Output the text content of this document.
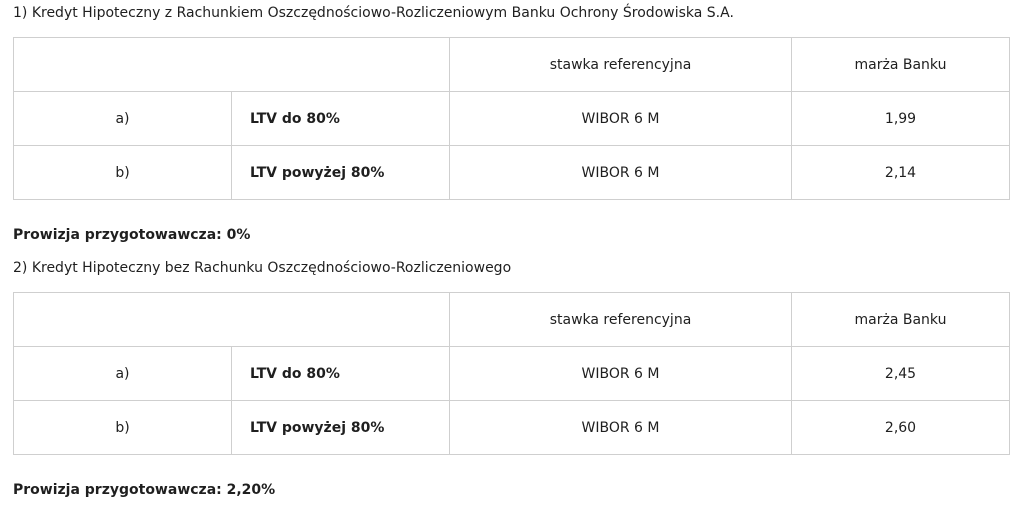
1) Kredyt Hipoteczny z Rachunkiem Oszczędnościowo-Rozliczeniowym Banku Ochrony Środowiska S.A.
		stawka referencyjna	marża Banku
a)	LTV do 80%	WIBOR 6 M	1,99
b)	LTV powyżej 80%	WIBOR 6 M	2,14
Prowizja przygotowawcza: 0%
2) Kredyt Hipoteczny bez Rachunku Oszczędnościowo-Rozliczeniowego
		stawka referencyjna	marża Banku
a)	LTV do 80%	WIBOR 6 M	2,45
b)	LTV powyżej 80%	WIBOR 6 M	2,60
Prowizja przygotowawcza: 2,20%
